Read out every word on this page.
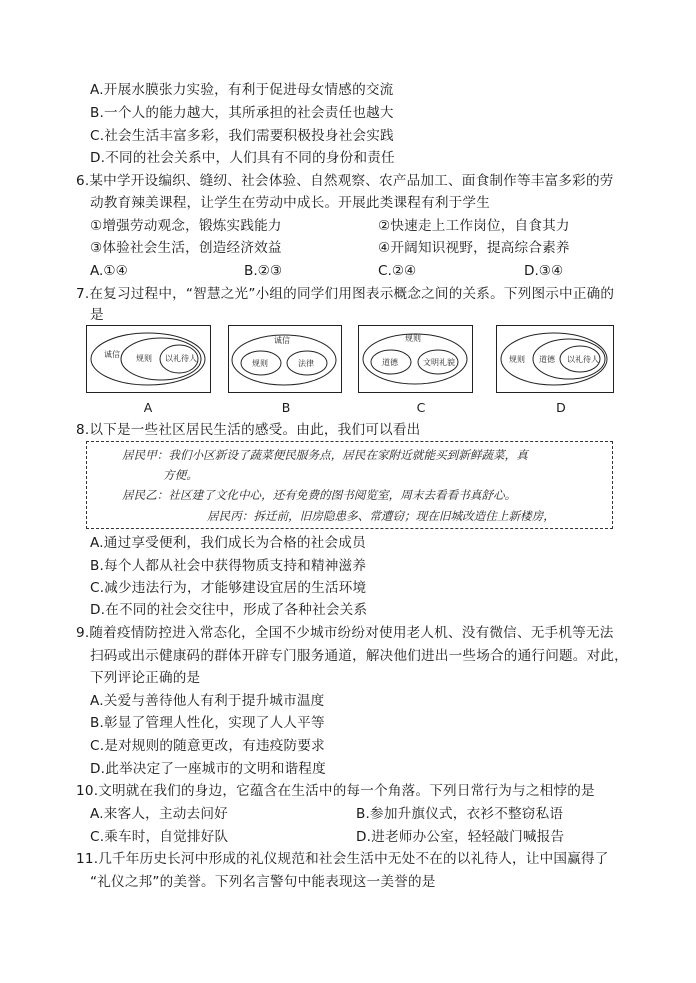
A.开展水膜张力实验，有利于促进母女情感的交流
B.一个人的能力越大，其所承担的社会责任也越大
C.社会生活丰富多彩，我们需要积极投身社会实践
D.不同的社会关系中，人们具有不同的身份和责任
6.某中学开设编织、缝纫、社会体验、自然观察、农产品加工、面食制作等丰富多彩的劳
动教育辣美课程，让学生在劳动中成长。开展此类课程有利于学生
①增强劳动观念，锻炼实践能力	②快速走上工作岗位，自食其力
③体验社会生活，创造经济效益	④开阔知识视野，提高综合素养
A.①④	B.②③	C.②④	D.③④
7.在复习过程中，“智慧之光”小组的同学们用图表示概念之间的关系。下列图示中正确的
是
诚信 规则 以礼待人
A
诚信
规则	法律
B
规则
道德	文明礼貌
C
规则 道德 以礼待人
D
8.以下是一些社区居民生活的感受。由此，我们可以看出
居民甲：我们小区新设了蔬菜便民服务点，居民在家附近就能买到新鲜蔬菜，真
方便。
居民乙：社区建了文化中心，还有免费的图书阅览室，周末去看看书真舒心。
居民丙：拆迁前，旧房隐患多、常遭窃；现在旧城改造住上新楼房，
A.通过享受便利，我们成长为合格的社会成员
B.每个人都从社会中获得物质支持和精神滋养
C.减少违法行为，才能够建设宜居的生活环境
D.在不同的社会交往中，形成了各种社会关系
9.随着疫情防控进入常态化，全国不少城市纷纷对使用老人机、没有微信、无手机等无法
扫码或出示健康码的群体开辟专门服务通道，解决他们进出一些场合的通行问题。对此，
下列评论正确的是
A.关爱与善待他人有利于提升城市温度
B.彰显了管理人性化，实现了人人平等
C.是对规则的随意更改，有违疫防要求
D.此举决定了一座城市的文明和谐程度
10.文明就在我们的身边，它蕴含在生活中的每一个角落。下列日常行为与之相悖的是
A.来客人，主动去问好	B.参加升旗仪式，衣衫不整窃私语
C.乘车时，自觉排好队	D.进老师办公室，轻轻敲门喊报告
11.几千年历史长河中形成的礼仪规范和社会生活中无处不在的以礼待人，让中国赢得了
“礼仪之邦”的美誉。下列名言警句中能表现这一美誉的是
